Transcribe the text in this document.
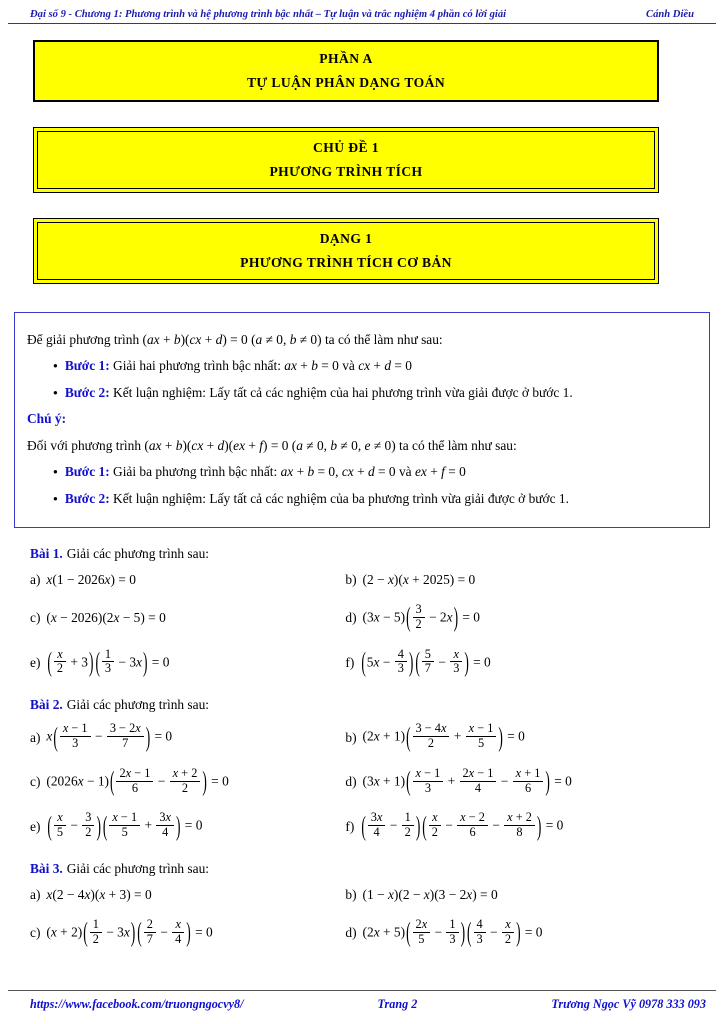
Đại số 9 - Chương 1: Phương trình và hệ phương trình bậc nhất – Tự luận và trắc nghiệm 4 phần có lời giải	Cánh Diều
PHẦN A
TỰ LUẬN PHÂN DẠNG TOÁN
CHỦ ĐỀ 1
PHƯƠNG TRÌNH TÍCH
DẠNG 1
PHƯƠNG TRÌNH TÍCH CƠ BẢN
Để giải phương trình (ax + b)(cx + d) = 0 (a ≠ 0, b ≠ 0) ta có thể làm như sau:
● Bước 1: Giải hai phương trình bậc nhất: ax + b = 0 và cx + d = 0
● Bước 2: Kết luận nghiệm: Lấy tất cả các nghiệm của hai phương trình vừa giải được ở bước 1.
Chú ý:
Đối với phương trình (ax + b)(cx + d)(ex + f) = 0 (a ≠ 0, b ≠ 0, e ≠ 0) ta có thể làm như sau:
● Bước 1: Giải ba phương trình bậc nhất: ax + b = 0, cx + d = 0 và ex + f = 0
● Bước 2: Kết luận nghiệm: Lấy tất cả các nghiệm của ba phương trình vừa giải được ở bước 1.
Bài 1. Giải các phương trình sau:
a) x(1 − 2026x) = 0	b) (2 − x)(x + 2025) = 0
c) (x − 2026)(2x − 5) = 0	d) $(3x - 5)( \frac{3}{2} - 2x) = 0$
e) ( $\frac{x}{2} + 3$) ( $\frac{1}{3} - 3x) = 0$	f) ($5x - \frac{4}{3}$ ) ( $\frac{5}{7} - \frac{x}{3}$ ) = 0
Bài 2. Giải các phương trình sau:
a) $x( \frac{x - 1}{3} - \frac{3 - 2x}{7}$ ) = 0	b) $(2x + 1)( \frac{3 - 4x}{2} + \frac{x - 1}{5}$ ) = 0
c) $(2026x - 1)( \frac{2x - 1}{6} - \frac{x + 2}{2}$ ) = 0	d) $(3x + 1)( \frac{x - 1}{3} + \frac{2x - 1}{4} - \frac{x + 1}{6}$ ) = 0
e) ( $\frac{x}{5} - \frac{3}{2}$ ) ( $\frac{x - 1}{5} + \frac{3x}{4}$ ) = 0	f) ( $\frac{3x}{4} - \frac{1}{2}$ ) ( $\frac{x}{2} - \frac{x - 2}{6} - \frac{x + 2}{8}$ ) = 0
Bài 3. Giải các phương trình sau:
a) x(2 − 4x)(x + 3) = 0	b) (1 − x)(2 − x)(3 − 2x) = 0
c) $(x + 2)( \frac{1}{2} - 3x)$ ( $\frac{2}{7} - \frac{x}{4}$ ) = 0	d) $(2x + 5)( \frac{2x}{5} - \frac{1}{3}$ ) ( $\frac{4}{3} - \frac{x}{2}$ ) = 0
https://www.facebook.com/truongngocvy8/	Trang 2	Trương Ngọc Vỹ 0978 333 093
